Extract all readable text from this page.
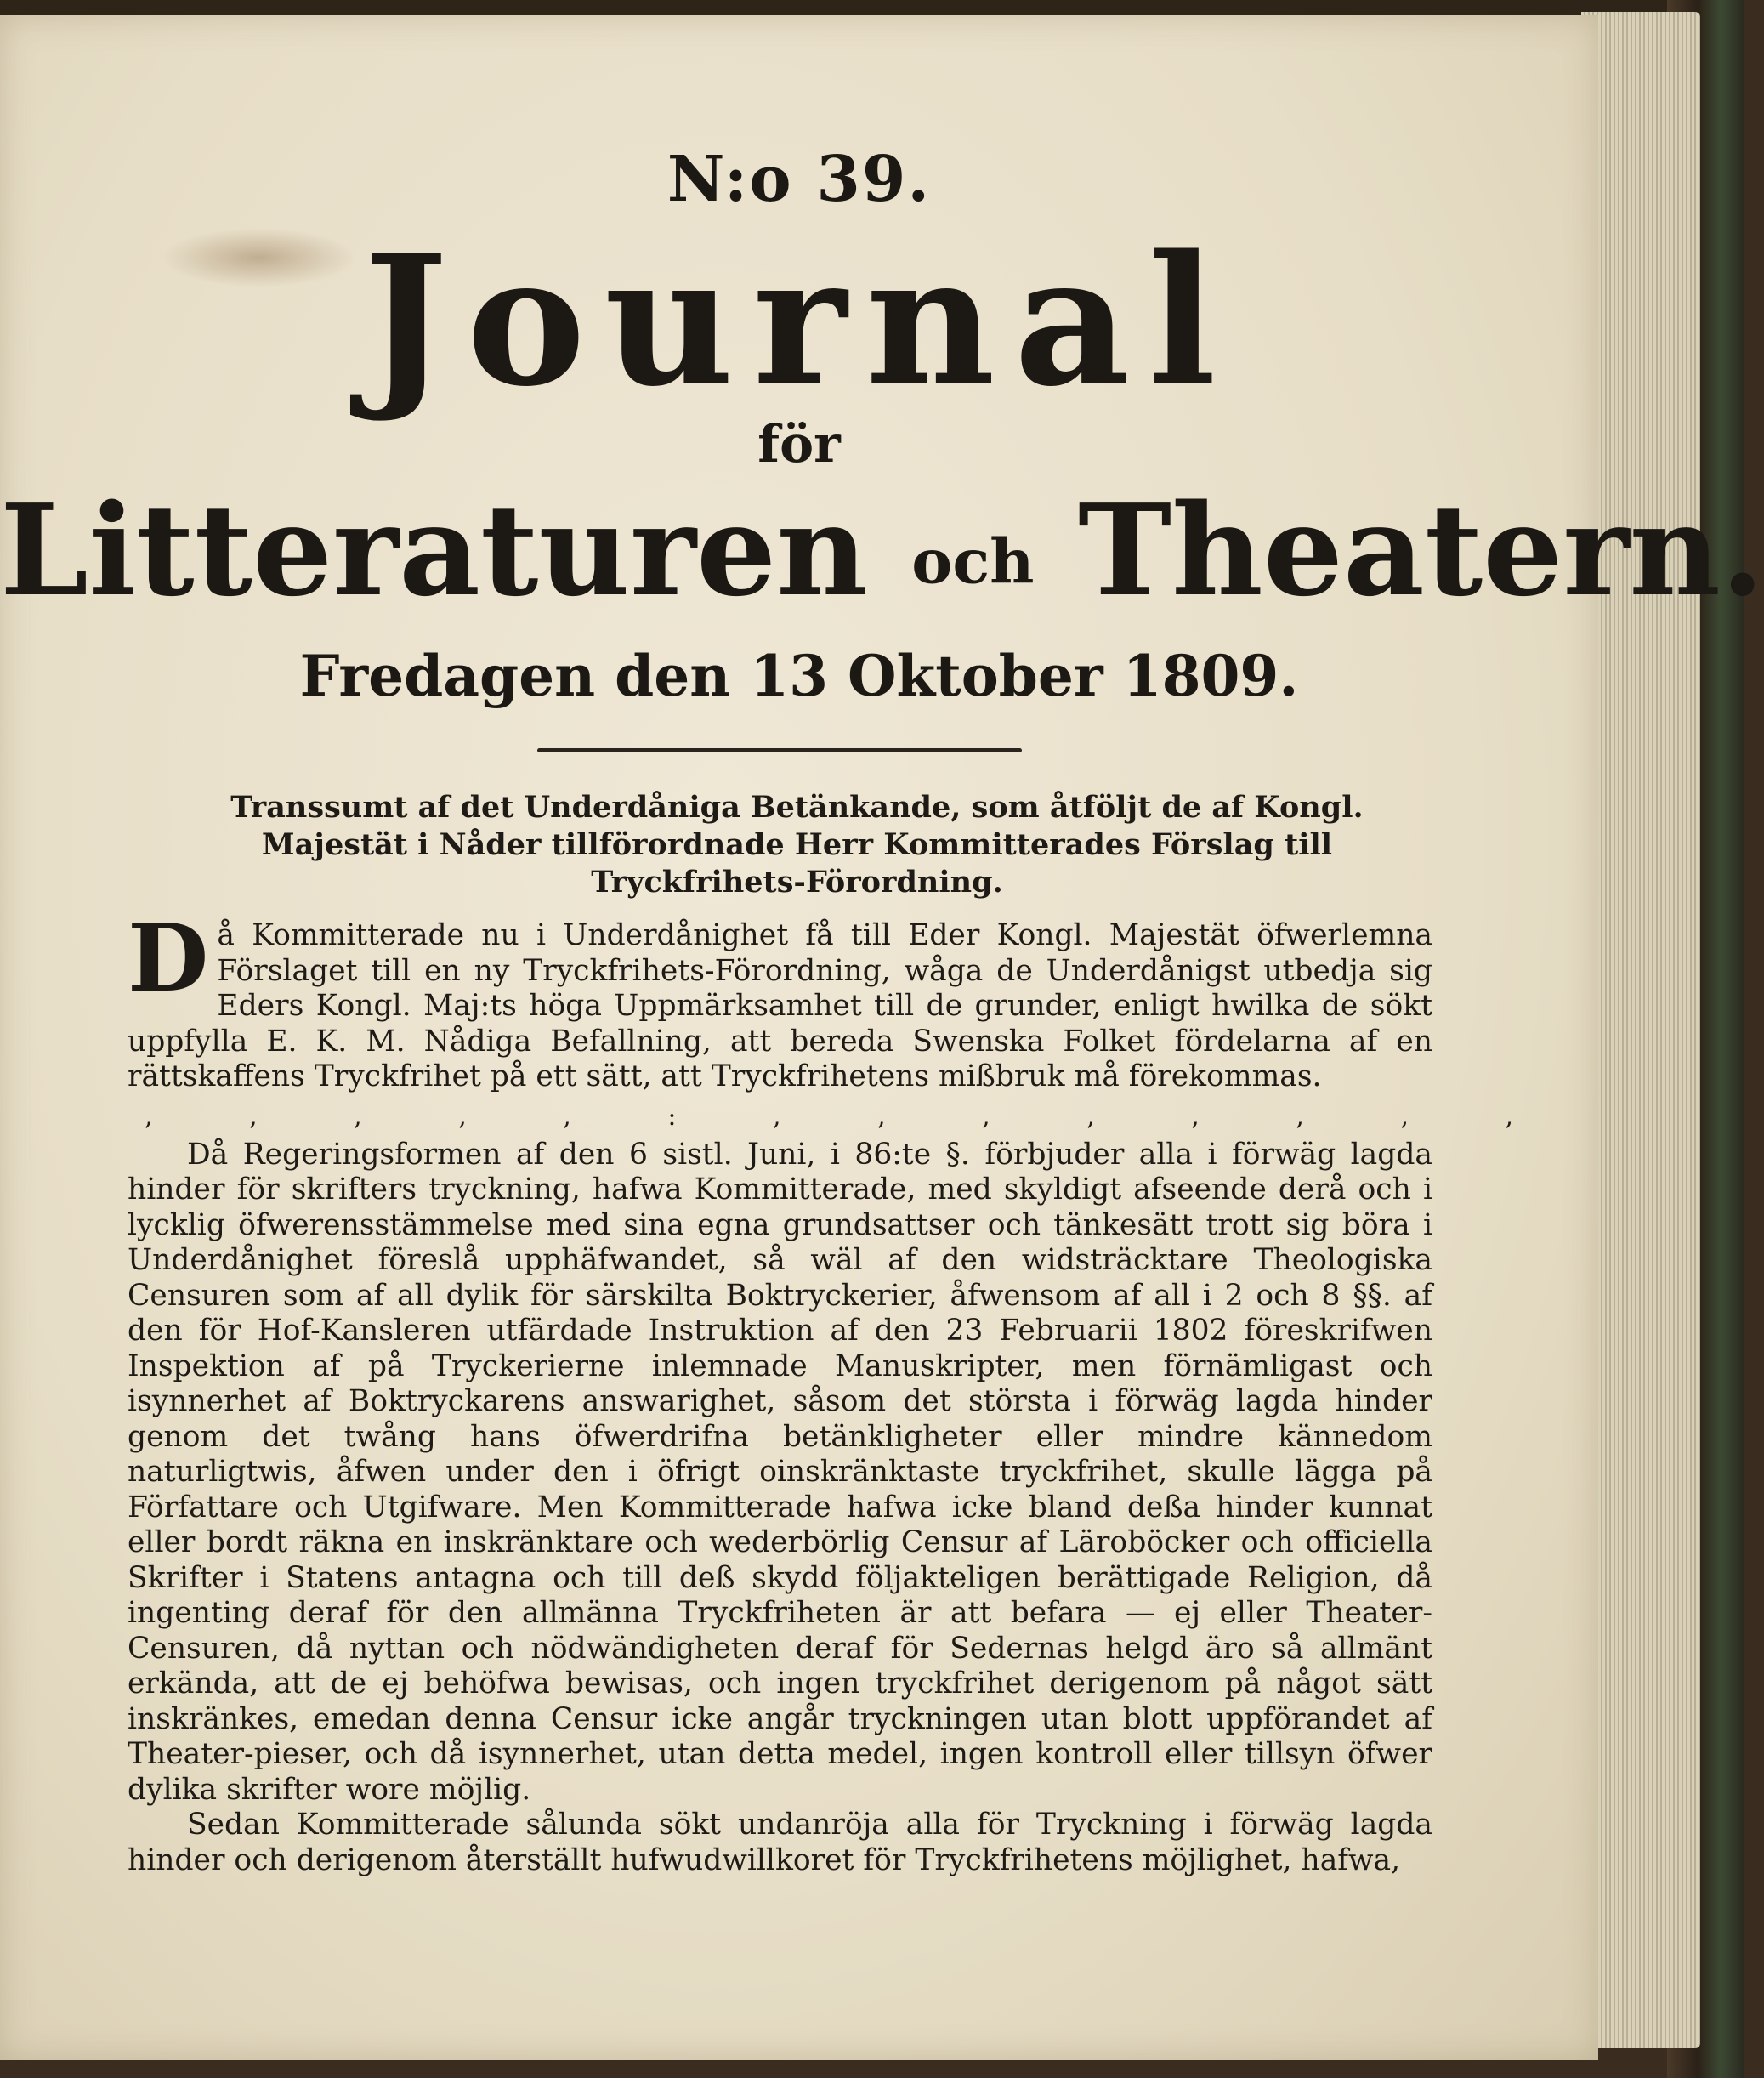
N:o 39.
Journal
för
Litteraturen och Theatern.
Fredagen den 13 Oktober 1809.
Transsumt af det Underdåniga Betänkande, som åtföljt de af Kongl. Majestät i Nåder tillförordnade Herr Kommitterades Förslag till Tryckfrihets-Förordning.

Då Kommitterade nu i Underdånighet få till Eder Kongl. Majestät öfwerlemna Förslaget till en ny Tryckfrihets-Förordning, wåga de Underdånigst utbedja sig Eders Kongl. Maj:ts höga Uppmärksamhet till de grunder, enligt hwilka de sökt uppfylla E. K. M. Nådiga Befallning, att bereda Swenska Folket fördelarna af en rättskaffens Tryckfrihet på ett sätt, att Tryckfrihetens mißbruk må förekommas.

, , , , , : , , , , , , , ,

Då Regeringsformen af den 6 sistl. Juni, i 86:te §. förbjuder alla i förwäg lagda hinder för skrifters tryckning, hafwa Kommitterade, med skyldigt afseende derå och i lycklig öfwerensstämmelse med sina egna grundsattser och tänkesätt trott sig böra i Underdånighet föreslå upphäfwandet, så wäl af den widsträcktare Theologiska Censuren som af all dylik för särskilta Boktryckerier, åfwensom af all i 2 och 8 §§. af den för Hof-Kansleren utfärdade Instruktion af den 23 Februarii 1802 föreskrifwen Inspektion af på Tryckerierne inlemnade Manuskripter, men förnämligast och isynnerhet af Boktryckarens answarighet, såsom det största i förwäg lagda hinder genom det twång hans öfwerdrifna betänkligheter eller mindre kännedom naturligtwis, åfwen under den i öfrigt oinskränktaste tryckfrihet, skulle lägga på Författare och Utgifware. Men Kommitterade hafwa icke bland deßa hinder kunnat eller bordt räkna en inskränktare och wederbörlig Censur af Läroböcker och officiella Skrifter i Statens antagna och till deß skydd följakteligen berättigade Religion, då ingenting deraf för den allmänna Tryckfriheten är att befara — ej eller Theater-Censuren, då nyttan och nödwändigheten deraf för Sedernas helgd äro så allmänt erkända, att de ej behöfwa bewisas, och ingen tryckfrihet derigenom på något sätt inskränkes, emedan denna Censur icke angår tryckningen utan blott uppförandet af Theater-pieser, och då isynnerhet, utan detta medel, ingen kontroll eller tillsyn öfwer dylika skrifter wore möjlig.

Sedan Kommitterade sålunda sökt undanröja alla för Tryckning i förwäg lagda hinder och derigenom återställt hufwudwillkoret för Tryckfrihetens möjlighet, hafwa,
